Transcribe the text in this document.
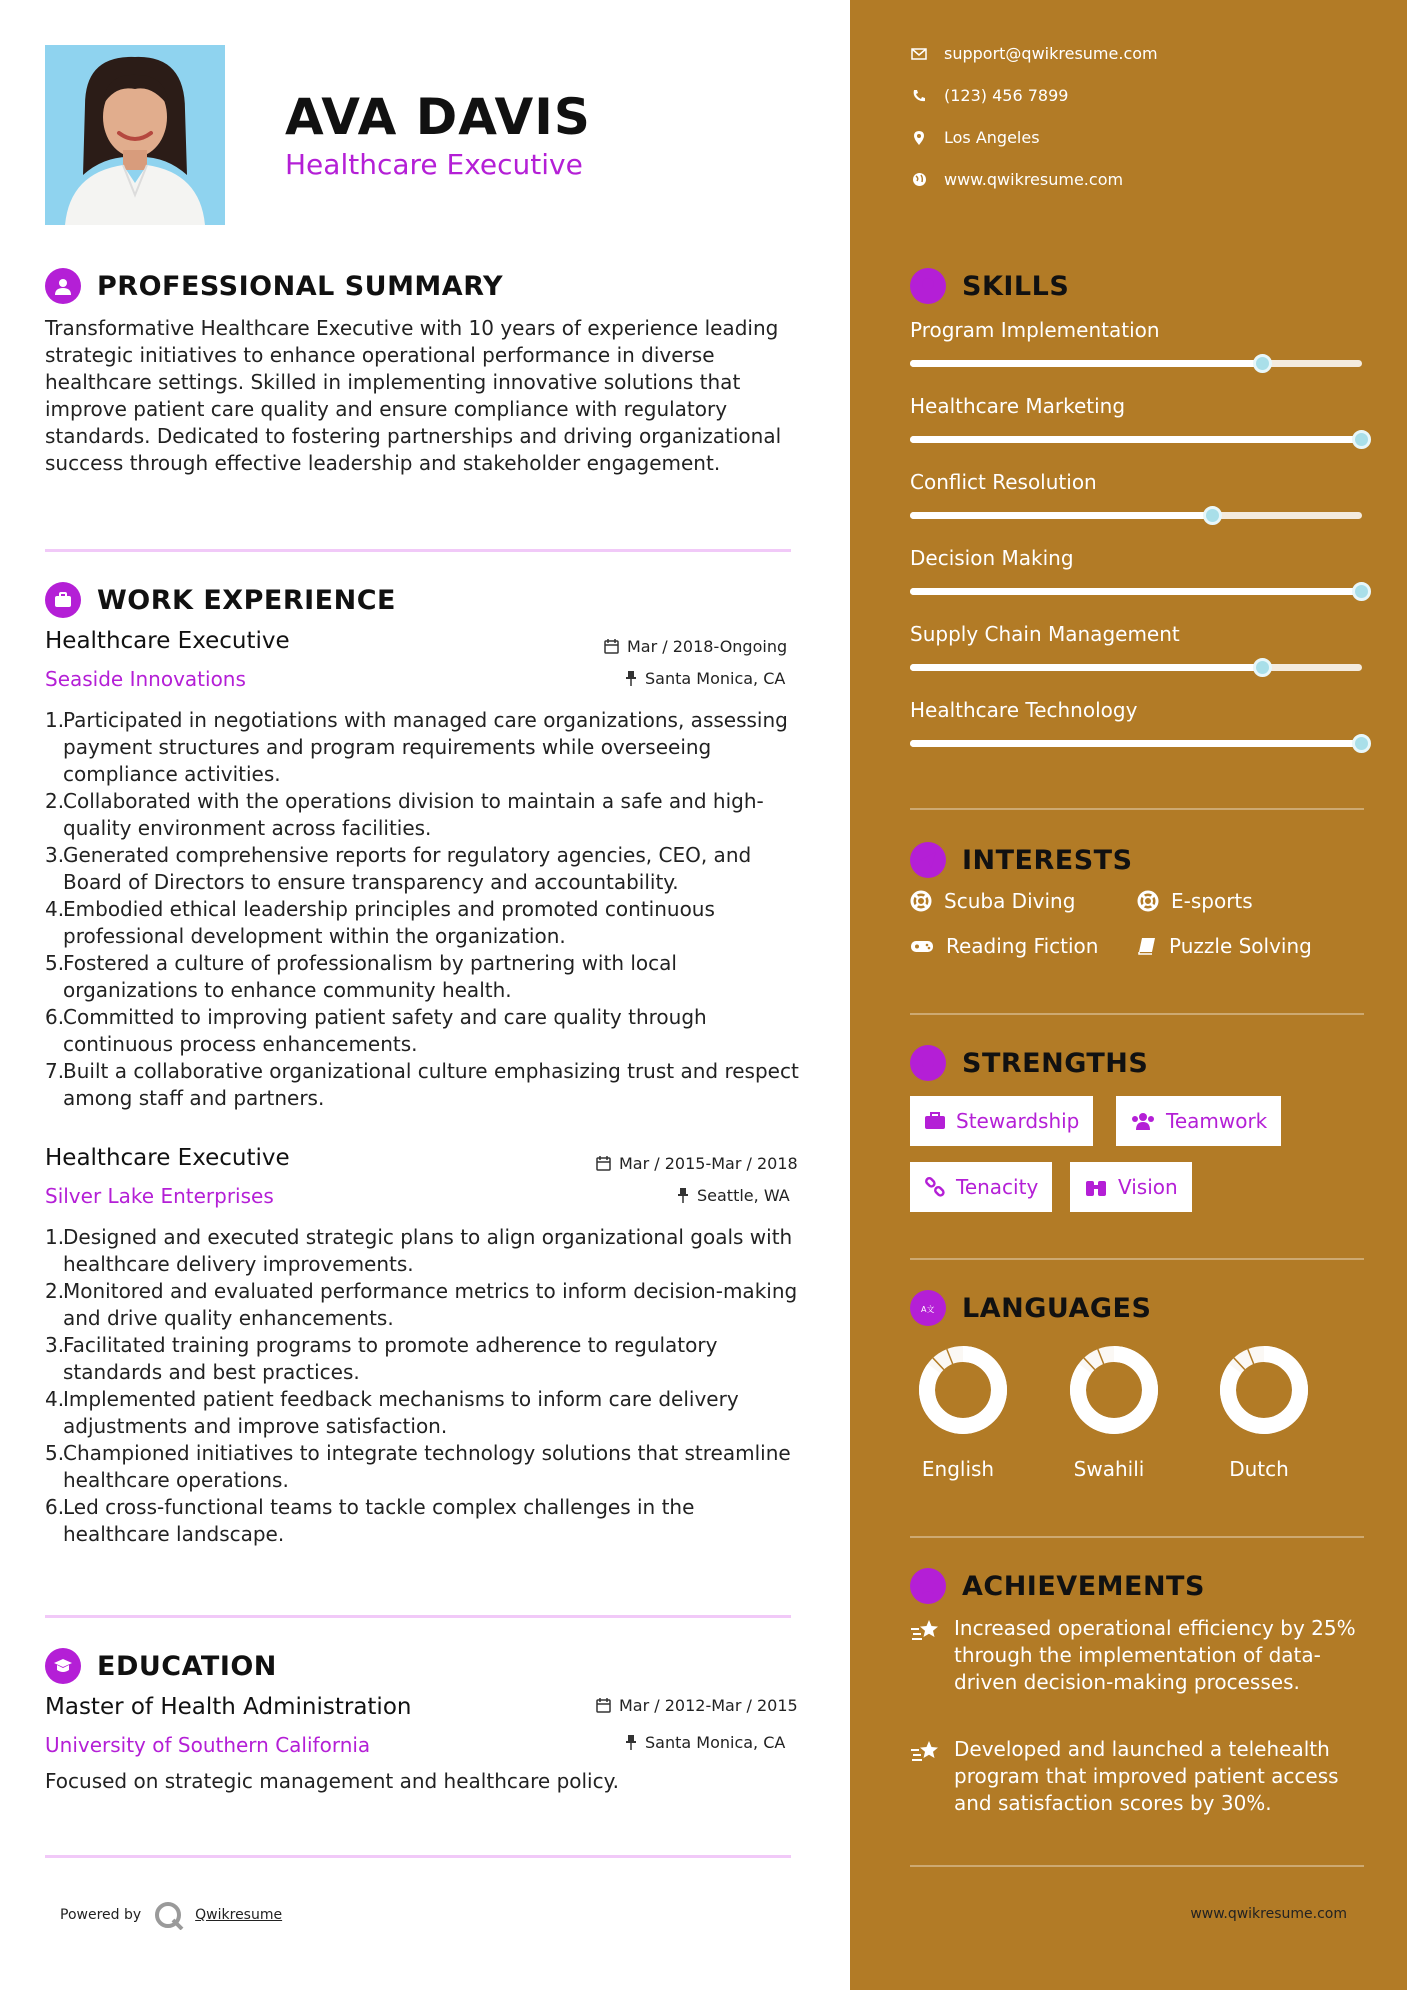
AVA DAVIS
Healthcare Executive
PROFESSIONAL SUMMARY
Transformative Healthcare Executive with 10 years of experience leading strategic initiatives to enhance operational performance in diverse healthcare settings. Skilled in implementing innovative solutions that improve patient care quality and ensure compliance with regulatory standards. Dedicated to fostering partnerships and driving organizational success through effective leadership and stakeholder engagement.
WORK EXPERIENCE
Healthcare Executive
Seaside Innovations
Mar / 2018-Ongoing
Santa Monica, CA
1.
Participated in negotiations with managed care organizations, assessing payment structures and program requirements while overseeing compliance activities.
2.
Collaborated with the operations division to maintain a safe and high-quality environment across facilities.
3.
Generated comprehensive reports for regulatory agencies, CEO, and Board of Directors to ensure transparency and accountability.
4.
Embodied ethical leadership principles and promoted continuous professional development within the organization.
5.
Fostered a culture of professionalism by partnering with local organizations to enhance community health.
6.
Committed to improving patient safety and care quality through continuous process enhancements.
7.
Built a collaborative organizational culture emphasizing trust and respect among staff and partners.
Healthcare Executive
Silver Lake Enterprises
Mar / 2015-Mar / 2018
Seattle, WA
1.
Designed and executed strategic plans to align organizational goals with healthcare delivery improvements.
2.
Monitored and evaluated performance metrics to inform decision-making and drive quality enhancements.
3.
Facilitated training programs to promote adherence to regulatory standards and best practices.
4.
Implemented patient feedback mechanisms to inform care delivery adjustments and improve satisfaction.
5.
Championed initiatives to integrate technology solutions that streamline healthcare operations.
6.
Led cross-functional teams to tackle complex challenges in the healthcare landscape.
EDUCATION
Master of Health Administration
University of Southern California
Mar / 2012-Mar / 2015
Santa Monica, CA
Focused on strategic management and healthcare policy.
Powered by	Qwikresume
support@qwikresume.com
(123) 456 7899
Los Angeles
www.qwikresume.com
SKILLS
Program Implementation
Healthcare Marketing
Conflict Resolution
Decision Making
Supply Chain Management
Healthcare Technology
INTERESTS
Scuba Diving	E-sports
Reading Fiction	Puzzle Solving
STRENGTHS
Stewardship	Teamwork
Tenacity	Vision
A文 LANGUAGES
English	Swahili	Dutch
ACHIEVEMENTS
Increased operational efficiency by 25% through the implementation of data-driven decision-making processes.
Developed and launched a telehealth program that improved patient access and satisfaction scores by 30%.
www.qwikresume.com
